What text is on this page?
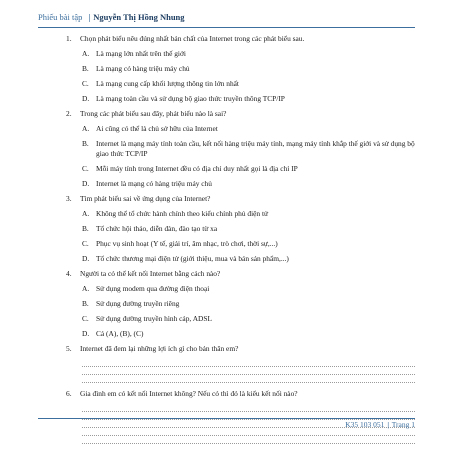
Phiếu bài tập | Nguyễn Thị Hồng Nhung
1.	Chọn phát biểu nêu đúng nhất bản chất của Internet trong các phát biểu sau.
A. Là mạng lớn nhất trên thế giới
B. Là mạng có hàng triệu máy chủ
C. Là mạng cung cấp khối lượng thông tin lớn nhất
D. Là mạng toàn cầu và sử dụng bộ giao thức truyền thông TCP/IP
2.	Trong các phát biểu sau đây, phát biểu nào là sai?
A. Ai cũng có thể là chủ sở hữu của Internet
B. Internet là mạng máy tính toàn cầu, kết nối hàng triệu máy tính, mạng máy tính khắp thế giới và sử dụng bộ giao thức TCP/IP
C. Mỗi máy tính trong Internet đều có địa chỉ duy nhất gọi là địa chỉ IP
D. Internet là mạng có hàng triệu máy chủ
3.	Tìm phát biểu sai về ứng dụng của Internet?
A. Không thể tổ chức hành chính theo kiểu chính phủ điện tử
B. Tổ chức hội thảo, diễn đàn, đào tạo từ xa
C. Phục vụ sinh hoạt (Y tế, giải trí, âm nhạc, trò chơi, thời sự,...)
D. Tổ chức thương mại điện tử (giới thiệu, mua và bán sản phẩm,...)
4.	Người ta có thể kết nối Internet bằng cách nào?
A. Sử dụng modem qua đường điện thoại
B. Sử dụng đường truyền riêng
C. Sử dụng đường truyền hình cáp, ADSL
D. Cả (A), (B), (C)
5.	Internet đã đem lại những lợi ích gì cho bản thân em?
6.	Gia đình em có kết nối Internet không? Nếu có thì đó là kiểu kết nối nào?
K35 103 051 | Trang 1
